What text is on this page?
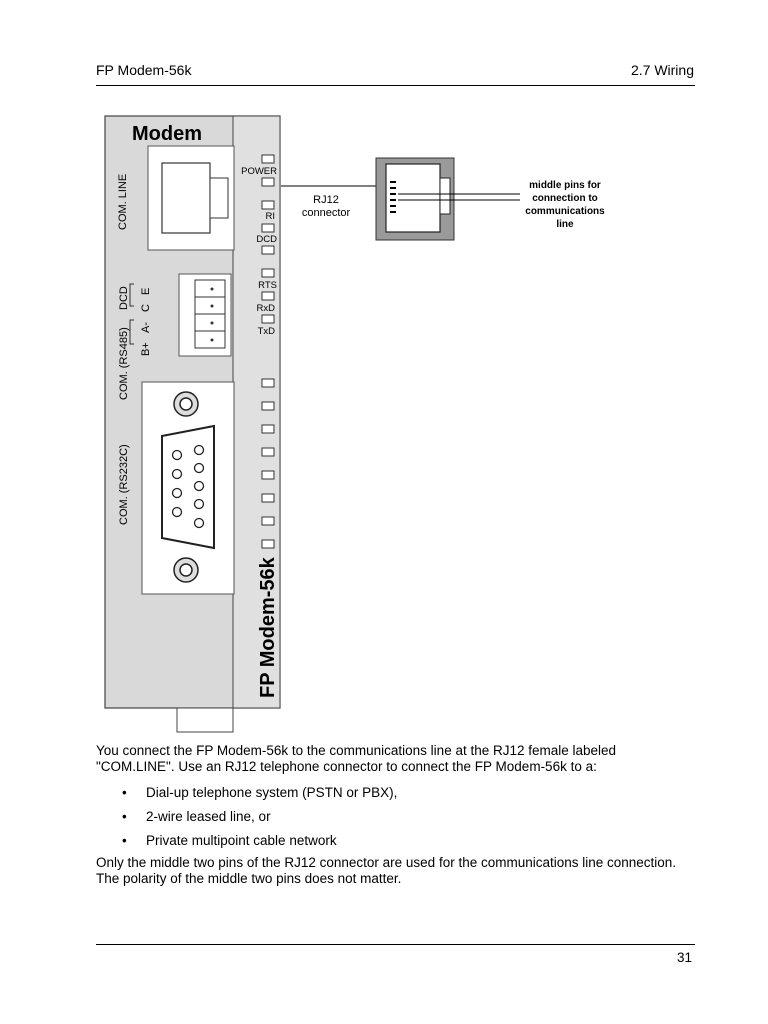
FP Modem-56k	2.7 Wiring
Modem
COM. LINE
DCD E
C
A-
B+
COM. (RS485)
COM. (RS232C)
POWER
RI
DCD
RTS
RxD
TxD
FP Modem-56k
RJ12
connector
middle pins for
connection to
communications
line
You connect the FP Modem-56k to the communications line at the RJ12 female labeled "COM.LINE". Use an RJ12 telephone connector to connect the FP Modem-56k to a:
• Dial-up telephone system (PSTN or PBX),
• 2-wire leased line, or
• Private multipoint cable network
Only the middle two pins of the RJ12 connector are used for the communications line connection. The polarity of the middle two pins does not matter.
31
